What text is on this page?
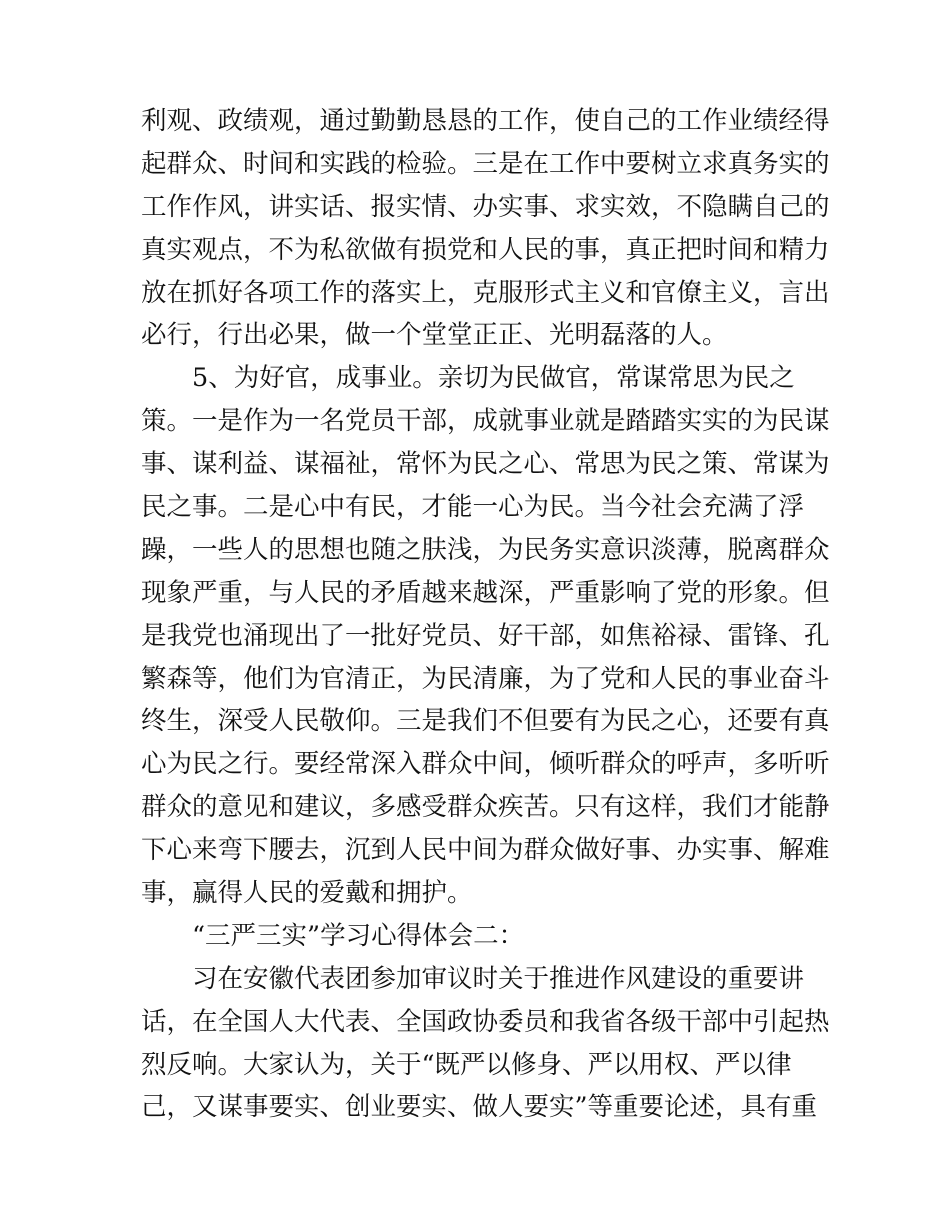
利观、政绩观，通过勤勤恳恳的工作，使自己的工作业绩经得
起群众、时间和实践的检验。三是在工作中要树立求真务实的
工作作风，讲实话、报实情、办实事、求实效，不隐瞒自己的
真实观点，不为私欲做有损党和人民的事，真正把时间和精力
放在抓好各项工作的落实上，克服形式主义和官僚主义，言出
必行，行出必果，做一个堂堂正正、光明磊落的人。
5、为好官，成事业。亲切为民做官，常谋常思为民之
策。一是作为一名党员干部，成就事业就是踏踏实实的为民谋
事、谋利益、谋福祉，常怀为民之心、常思为民之策、常谋为
民之事。二是心中有民，才能一心为民。当今社会充满了浮
躁，一些人的思想也随之肤浅，为民务实意识淡薄，脱离群众
现象严重，与人民的矛盾越来越深，严重影响了党的形象。但
是我党也涌现出了一批好党员、好干部，如焦裕禄、雷锋、孔
繁森等，他们为官清正，为民清廉，为了党和人民的事业奋斗
终生，深受人民敬仰。三是我们不但要有为民之心，还要有真
心为民之行。要经常深入群众中间，倾听群众的呼声，多听听
群众的意见和建议，多感受群众疾苦。只有这样，我们才能静
下心来弯下腰去，沉到人民中间为群众做好事、办实事、解难
事，赢得人民的爱戴和拥护。
“三严三实”学习心得体会二：
习在安徽代表团参加审议时关于推进作风建设的重要讲
话，在全国人大代表、全国政协委员和我省各级干部中引起热
烈反响。大家认为，关于“既严以修身、严以用权、严以律
己，又谋事要实、创业要实、做人要实”等重要论述，具有重
